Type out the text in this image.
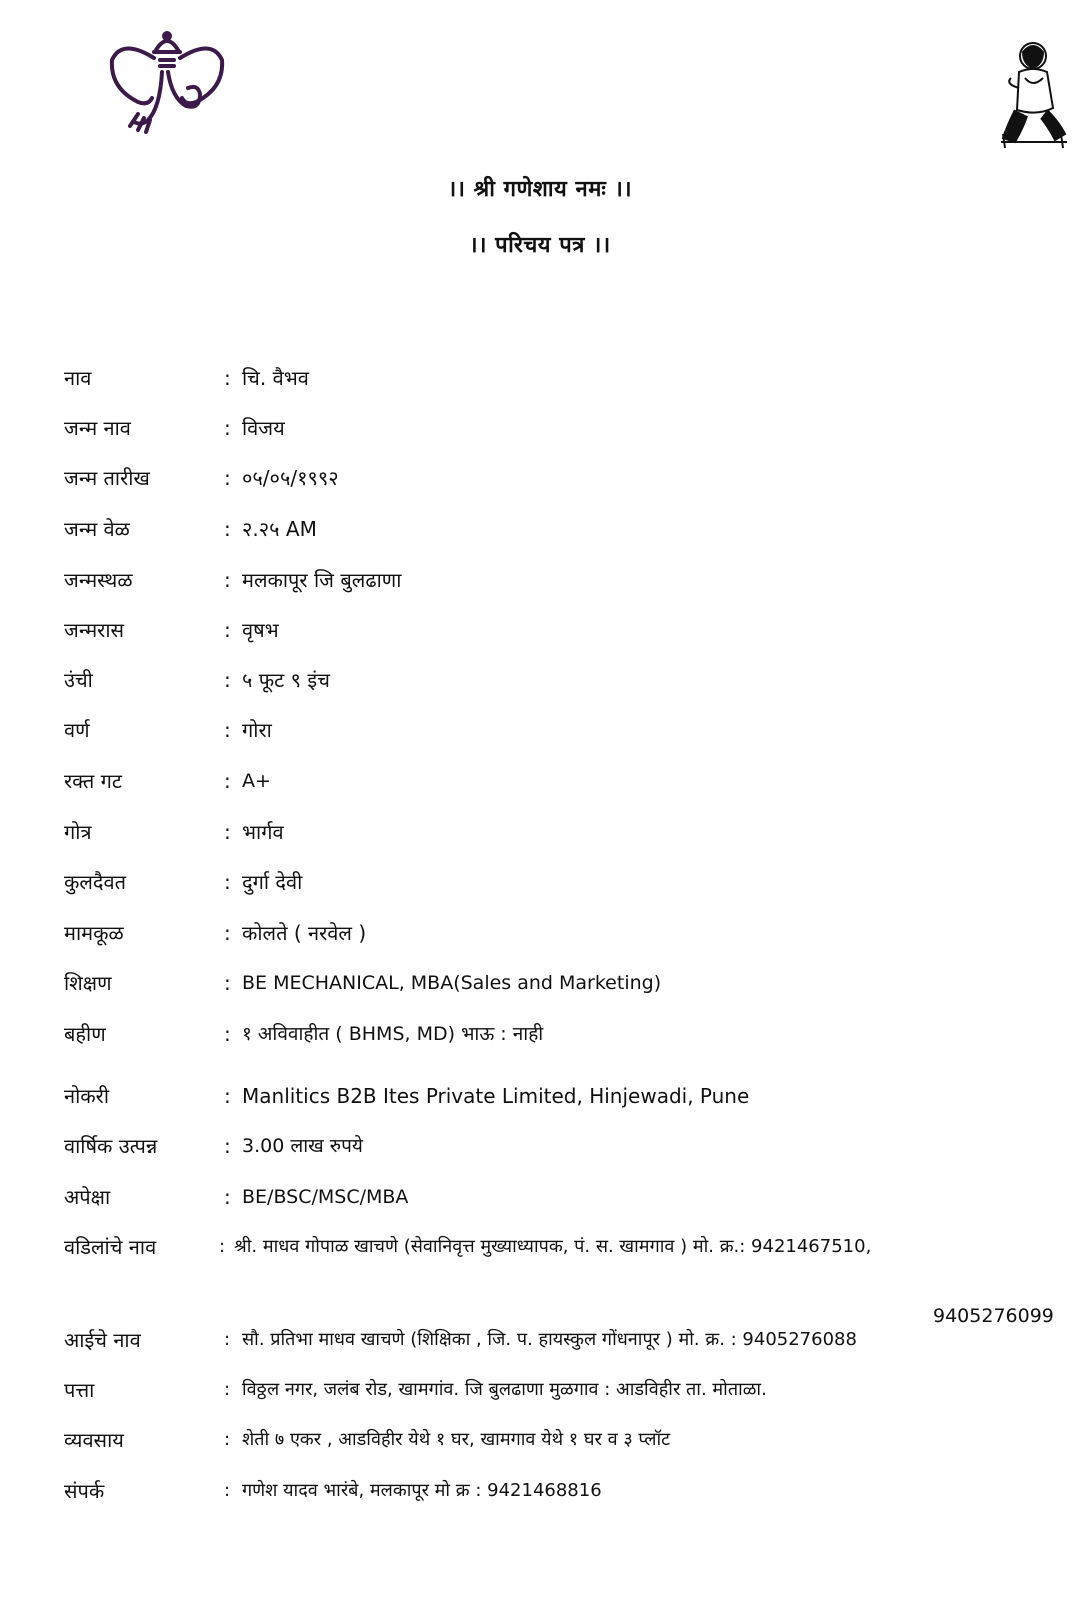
।। श्री गणेशाय नमः ।।
।। परिचय पत्र ।।
नाव	: चि. वैभव
जन्म नाव	: विजय
जन्म तारीख	: ०५/०५/१९९२
जन्म वेळ	: २.२५ AM
जन्मस्थळ	: मलकापूर जि बुलढाणा
जन्मरास	: वृषभ
उंची	: ५ फूट ९ इंच
वर्ण	: गोरा
रक्त गट	: A+
गोत्र	: भार्गव
कुलदैवत	: दुर्गा देवी
मामकूळ	: कोलते ( नरवेल )
शिक्षण	: BE MECHANICAL, MBA(Sales and Marketing)
बहीण	: १ अविवाहीत ( BHMS, MD) भाऊ : नाही
नोकरी	: Manlitics B2B Ites Private Limited, Hinjewadi, Pune
वार्षिक उत्पन्न	: 3.00 लाख रुपये
अपेक्षा	: BE/BSC/MSC/MBA
वडिलांचे नाव	: श्री. माधव गोपाळ खाचणे (सेवानिवृत्त मुख्याध्यापक, पं. स. खामगाव ) मो. क्र.: 9421467510,
9405276099
आईचे नाव	: सौ. प्रतिभा माधव खाचणे (शिक्षिका , जि. प. हायस्कुल गोंधनापूर ) मो. क्र. : 9405276088
पत्ता	: विठ्ठल नगर, जलंब रोड, खामगांव. जि बुलढाणा मुळगाव : आडविहीर ता. मोताळा.
व्यवसाय	: शेती ७ एकर , आडविहीर येथे १ घर, खामगाव येथे १ घर व ३ प्लॉट
संपर्क	: गणेश यादव भारंबे, मलकापूर मो क्र : 9421468816
